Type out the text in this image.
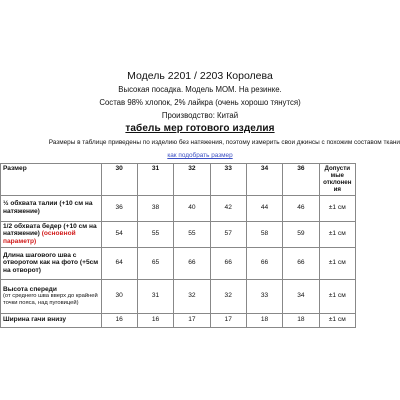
Модель 2201 / 2203 Королева
Высокая посадка. Модель МОМ. На резинке.
Состав 98% хлопок, 2% лайкра (очень хорошо тянутся)
Производство: Китай
табель мер готового изделия
Размеры в таблице приведены по изделию без натяжения, поэтому измерить свои джинсы с похожим составом ткани
как подобрать размер
Размер	30	31	32	33	34	36	Допусти мые отклонен ия
½ обхвата талии (+10 см на натяжение)	36	38	40	42	44	46	±1 см
1/2 обхвата бедер (+10 см на натяжение) (основной параметр)	54	55	55	57	58	59	±1 см
Длина шагового шва с отворотом как на фото (+5см на отворот)	64	65	66	66	66	66	±1 см
Высота спереди
(от среднего шва вверх до крайней точки пояса, над пуговицей)	30	31	32	32	33	34	±1 см
Ширина гачи внизу	16	16	17	17	18	18	±1 см
